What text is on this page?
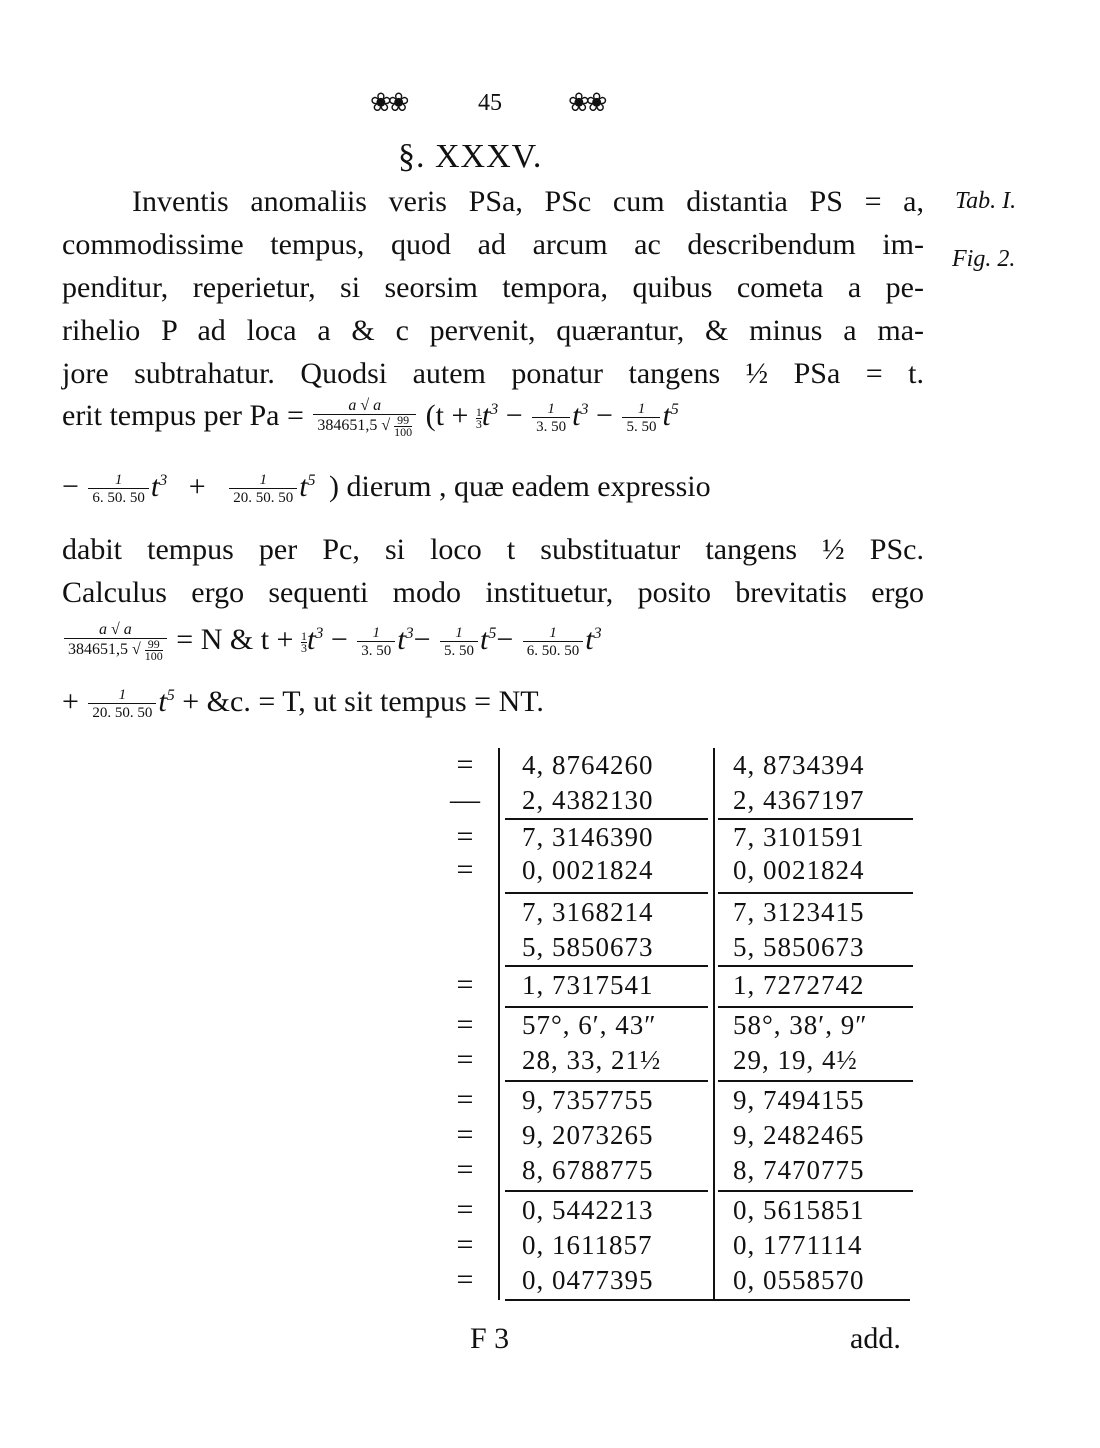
❀❀	45	❀❀
§. XXXV.
Tab. I.
Fig. 2.
Inventis anomaliis veris PSa, PSc cum distantia PS = a,
commodissime tempus, quod ad arcum ac describendum im-
penditur, reperietur, si seorsim tempora, quibus cometa a pe-
rihelio P ad loca a & c pervenit, quærantur, & minus a ma-
jore subtrahatur. Quodsi autem ponatur tangens ½ PSa = t.
erit tempus per $Pa = \frac{a √ a}{384651,5 √ \frac{99}{100}} (t + \frac{1}{3} t^3 - \frac{1}{3. 50} t^3 - \frac{1}{5. 50} t^5$
− $\frac{1}{6. 50. 50} t^3 + \frac{1}{20. 50. 50} t^5$ ) dierum , quæ eadem expressio
dabit tempus per Pc, si loco t substituatur tangens ½ PSc.
Calculus ergo sequenti modo instituetur, posito brevitatis ergo
$\frac{a √ a}{384651,5 √ \frac{99}{100}} = N$ & $t + \frac{1}{3} t^3 - \frac{1}{3. 50} t^3- \frac{1}{5. 50} t^5- \frac{1}{6. 50. 50} t^3$
+ $\frac{1}{20. 50. 50} t^5$ + &c. = T, ut sit tempus = NT.
=	4, 8764260	4, 8734394
— 2, 4382130	2, 4367197
=	7, 3146390	7, 3101591
=	0, 0021824	0, 0021824
7, 3168214	7, 3123415
5, 5850673	5, 5850673
=	1, 7317541	1, 7272742
=	57°, 6′, 43″	58°, 38′, 9″
=	28, 33, 21½	29, 19, 4½
=	9, 7357755	9, 7494155
=	9, 2073265	9, 2482465
=	8, 6788775	8, 7470775
=	0, 5442213	0, 5615851
=	0, 1611857	0, 1771114
=	0, 0477395	0, 0558570
F 3	add.
